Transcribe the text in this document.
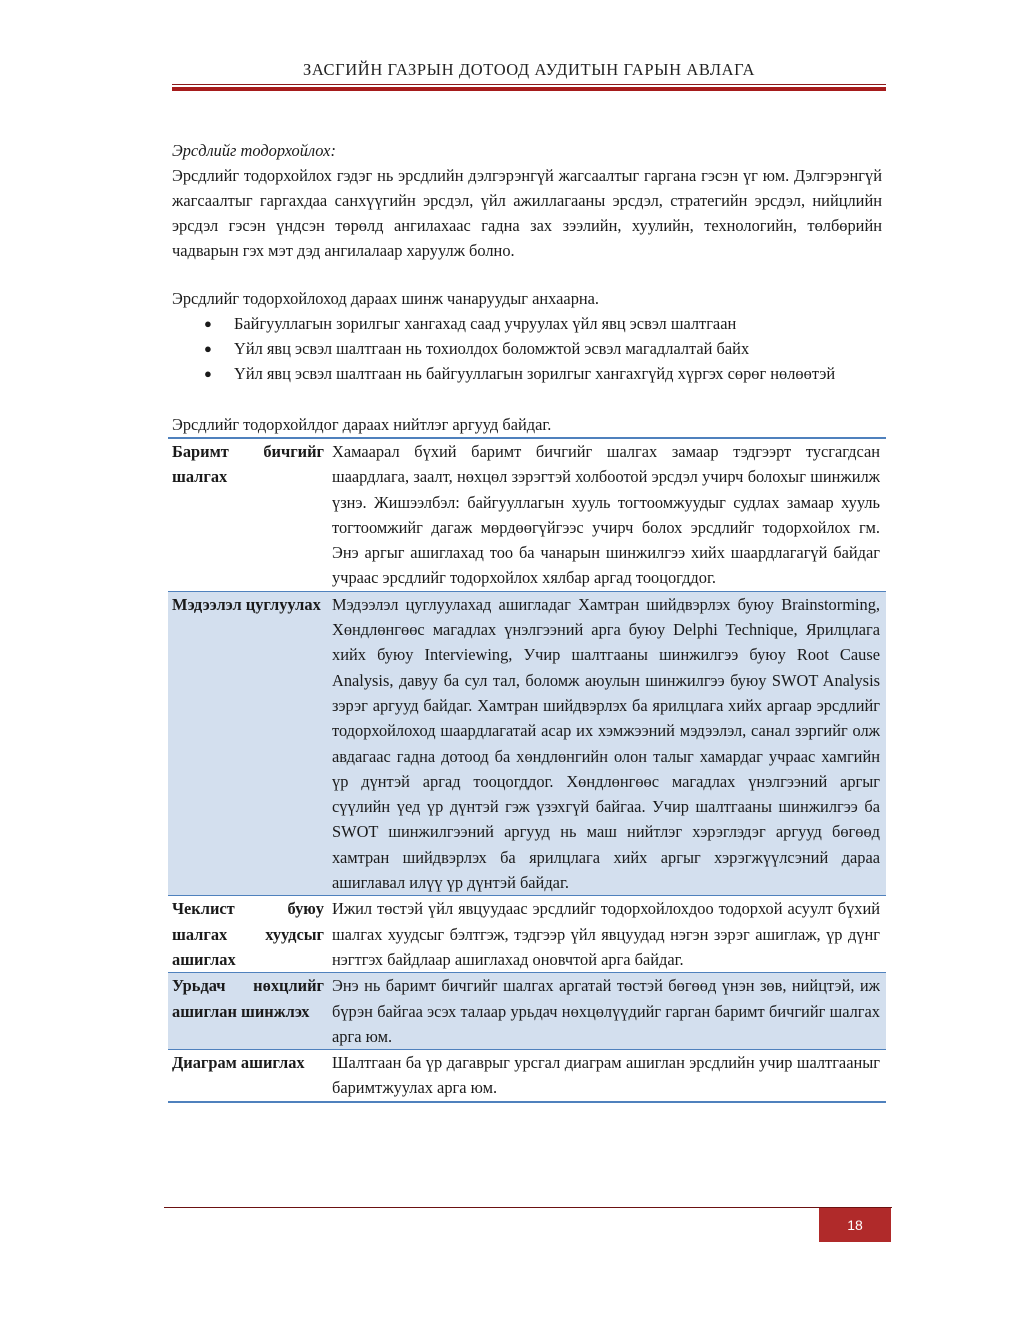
ЗАСГИЙН ГАЗРЫН ДОТООД АУДИТЫН ГАРЫН АВЛАГА

Эрсдлийг тодорхойлох:

Эрсдлийг тодорхойлох гэдэг нь эрсдлийн дэлгэрэнгүй жагсаалтыг гаргана гэсэн үг юм. Дэлгэрэнгүй жагсаалтыг гаргахдаа санхүүгийн эрсдэл, үйл ажиллагааны эрсдэл, стратегийн эрсдэл, нийцлийн эрсдэл гэсэн үндсэн төрөлд ангилахаас гадна зах зээлийн, хуулийн, технологийн, төлбөрийн чадварын гэх мэт дэд ангилалаар харуулж болно.

Эрсдлийг тодорхойлоход дараах шинж чанаруудыг анхаарна.

● Байгууллагын зорилгыг хангахад саад учруулах үйл явц эсвэл шалтгаан
● Үйл явц эсвэл шалтгаан нь тохиолдох боломжтой эсвэл магадлалтай байх
● Үйл явц эсвэл шалтгаан нь байгууллагын зорилгыг хангахгүйд хүргэх сөрөг нөлөөтэй

Эрсдлийг тодорхойлдог дараах нийтлэг аргууд байдаг.

Баримт бичгийг шалгах	Хамаарал бүхий баримт бичгийг шалгах замаар тэдгээрт тусгагдсан шаардлага, заалт, нөхцөл зэрэгтэй холбоотой эрсдэл учирч болохыг шинжилж үзнэ. Жишээлбэл: байгууллагын хууль тогтоомжуудыг судлах замаар хууль тогтоомжийг дагаж мөрдөөгүйгээс учирч болох эрсдлийг тодорхойлох гм. Энэ аргыг ашиглахад тоо ба чанарын шинжилгээ хийх шаардлагагүй байдаг учраас эрсдлийг тодорхойлох хялбар аргад тооцогддог.
Мэдээлэл цуглуулах	Мэдээлэл цуглуулахад ашигладаг Хамтран шийдвэрлэх буюу Brainstorming, Хөндлөнгөөс магадлах үнэлгээний арга буюу Delphi Technique, Ярилцлага хийх буюу Interviewing, Учир шалтгааны шинжилгээ буюу Root Cause Analysis, давуу ба сул тал, боломж аюулын шинжилгээ буюу SWOT Analysis зэрэг аргууд байдаг. Хамтран шийдвэрлэх ба ярилцлага хийх аргаар эрсдлийг тодорхойлоход шаардлагатай асар их хэмжээний мэдээлэл, санал зэргийг олж авдагаас гадна дотоод ба хөндлөнгийн олон талыг хамардаг учраас хамгийн үр дүнтэй аргад тооцогддог. Хөндлөнгөөс магадлах үнэлгээний аргыг сүүлийн үед үр дүнтэй гэж үзэхгүй байгаа. Учир шалтгааны шинжилгээ ба SWOT шинжилгээний аргууд нь маш нийтлэг хэрэглэдэг аргууд бөгөөд хамтран шийдвэрлэх ба ярилцлага хийх аргыг хэрэгжүүлсэний дараа ашиглавал илүү үр дүнтэй байдаг.
Чеклист буюу шалгах хуудсыг ашиглах	Ижил төстэй үйл явцуудаас эрсдлийг тодорхойлохдоо тодорхой асуулт бүхий шалгах хуудсыг бэлтгэж, тэдгээр үйл явцуудад нэгэн зэрэг ашиглаж, үр дүнг нэгтгэх байдлаар ашиглахад оновчтой арга байдаг.
Урьдач нөхцлийг ашиглан шинжлэх	Энэ нь баримт бичгийг шалгах аргатай төстэй бөгөөд үнэн зөв, нийцтэй, иж бүрэн байгаа эсэх талаар урьдач нөхцөлүүдийг гарган баримт бичгийг шалгах арга юм.
Диаграм ашиглах	Шалтгаан ба үр дагаврыг урсгал диаграм ашиглан эрсдлийн учир шалтгааныг баримтжуулах арга юм.
18
